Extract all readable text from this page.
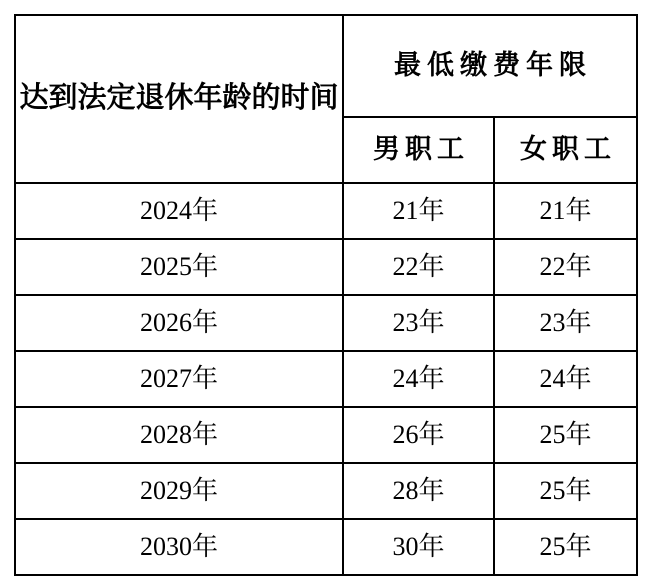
达到法定退休年龄的时间	最低缴费年限	
	男职工	女职工
2024年	21年	21年
2025年	22年	22年
2026年	23年	23年
2027年	24年	24年
2028年	26年	25年
2029年	28年	25年
2030年	30年	25年
